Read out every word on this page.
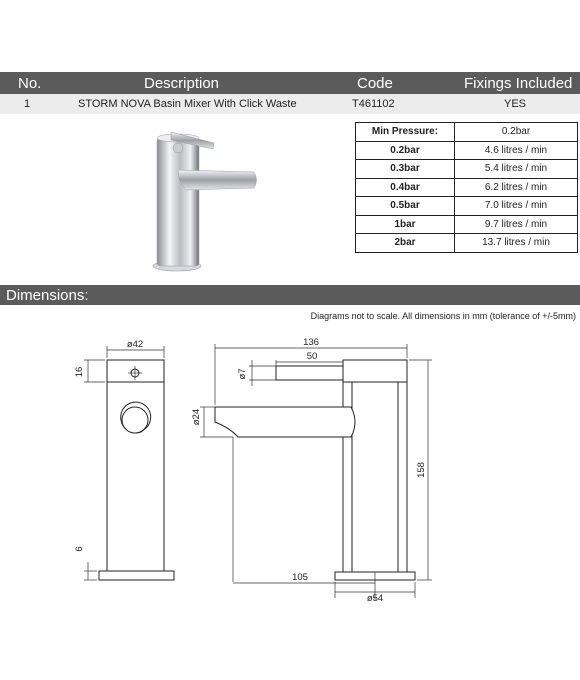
No.	Description	Code	Fixings Included
1	STORM NOVA Basin Mixer With Click Waste	T461102	YES
ø42
16
6
136
50
ø7
ø24
158
105
ø54
Min Pressure:	0.2bar
0.2bar	4.6 litres / min
0.3bar	5.4 litres / min
0.4bar	6.2 litres / min
0.5bar	7.0 litres / min
1bar	9.7 litres / min
2bar	13.7 litres / min
Dimensions:
Diagrams not to scale. All dimensions in mm (tolerance of +/-5mm)
